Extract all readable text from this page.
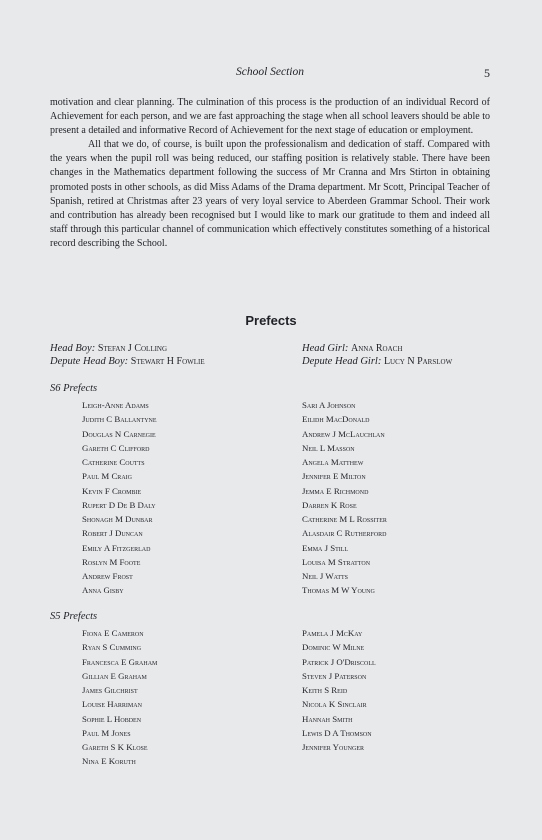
School Section	5

motivation and clear planning. The culmination of this process is the production of an individual Record of Achievement for each person, and we are fast approaching the stage when all school leavers should be able to present a detailed and informative Record of Achievement for the next stage of education or employment.

All that we do, of course, is built upon the professionalism and dedication of staff. Compared with the years when the pupil roll was being reduced, our staffing position is relatively stable. There have been changes in the Mathematics department following the success of Mr Cranna and Mrs Stirton in obtaining promoted posts in other schools, as did Miss Adams of the Drama department. Mr Scott, Principal Teacher of Spanish, retired at Christmas after 23 years of very loyal service to Aberdeen Grammar School. Their work and contribution has already been recognised but I would like to mark our gratitude to them and indeed all staff through this particular channel of communication which effectively constitutes something of a historical record describing the School.

Prefects
Head Boy: Stefan J Colling
Depute Head Boy: Stewart H Fowlie
Head Girl: Anna Roach
Depute Head Girl: Lucy N Parslow
S6 Prefects
Leigh-Anne Adams
Judith C Ballantyne
Douglas N Carnegie
Gareth C Clifford
Catherine Coutts
Paul M Craig
Kevin F Crombie
Rupert D De B Daly
Shonagh M Dunbar
Robert J Duncan
Emily A Fitzgerlad
Roslyn M Foote
Andrew Frost
Anna Gisby
Sari A Johnson
Eilidh MacDonald
Andrew J McLauchlan
Neil L Masson
Angela Matthew
Jennifer E Milton
Jemma E Richmond
Darren K Rose
Catherine M L Rossiter
Alasdair C Rutherford
Emma J Still
Louisa M Stratton
Neil J Watts
Thomas M W Young
S5 Prefects
Fiona E Cameron
Ryan S Cumming
Francesca E Graham
Gillian E Graham
James Gilchrist
Louise Harriman
Sophie L Hobden
Paul M Jones
Gareth S K Klose
Nina E Koruth
Pamela J McKay
Dominic W Milne
Patrick J O'Driscoll
Steven J Paterson
Keith S Reid
Nicola K Sinclair
Hannah Smith
Lewis D A Thomson
Jennifer Younger
